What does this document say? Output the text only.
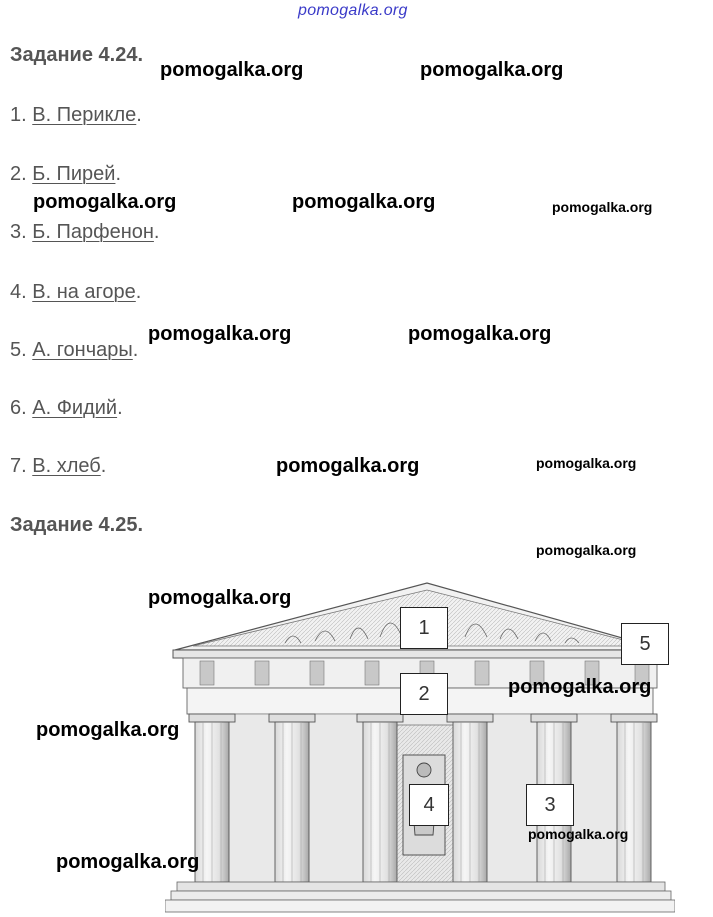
pomogalka.org
Задание 4.24.
1. В. Перикле.
2. Б. Пирей.
3. Б. Парфенон.
4. В. на агоре.
5. А. гончары.
6. А. Фидий.
7. В. хлеб.
Задание 4.25.
1
2
3
4
5
pomogalka.org	pomogalka.org
pomogalka.org	pomogalka.org	pomogalka.org
pomogalka.org	pomogalka.org
pomogalka.org	pomogalka.org
pomogalka.org
pomogalka.org
pomogalka.org
pomogalka.org
pomogalka.org
pomogalka.org
